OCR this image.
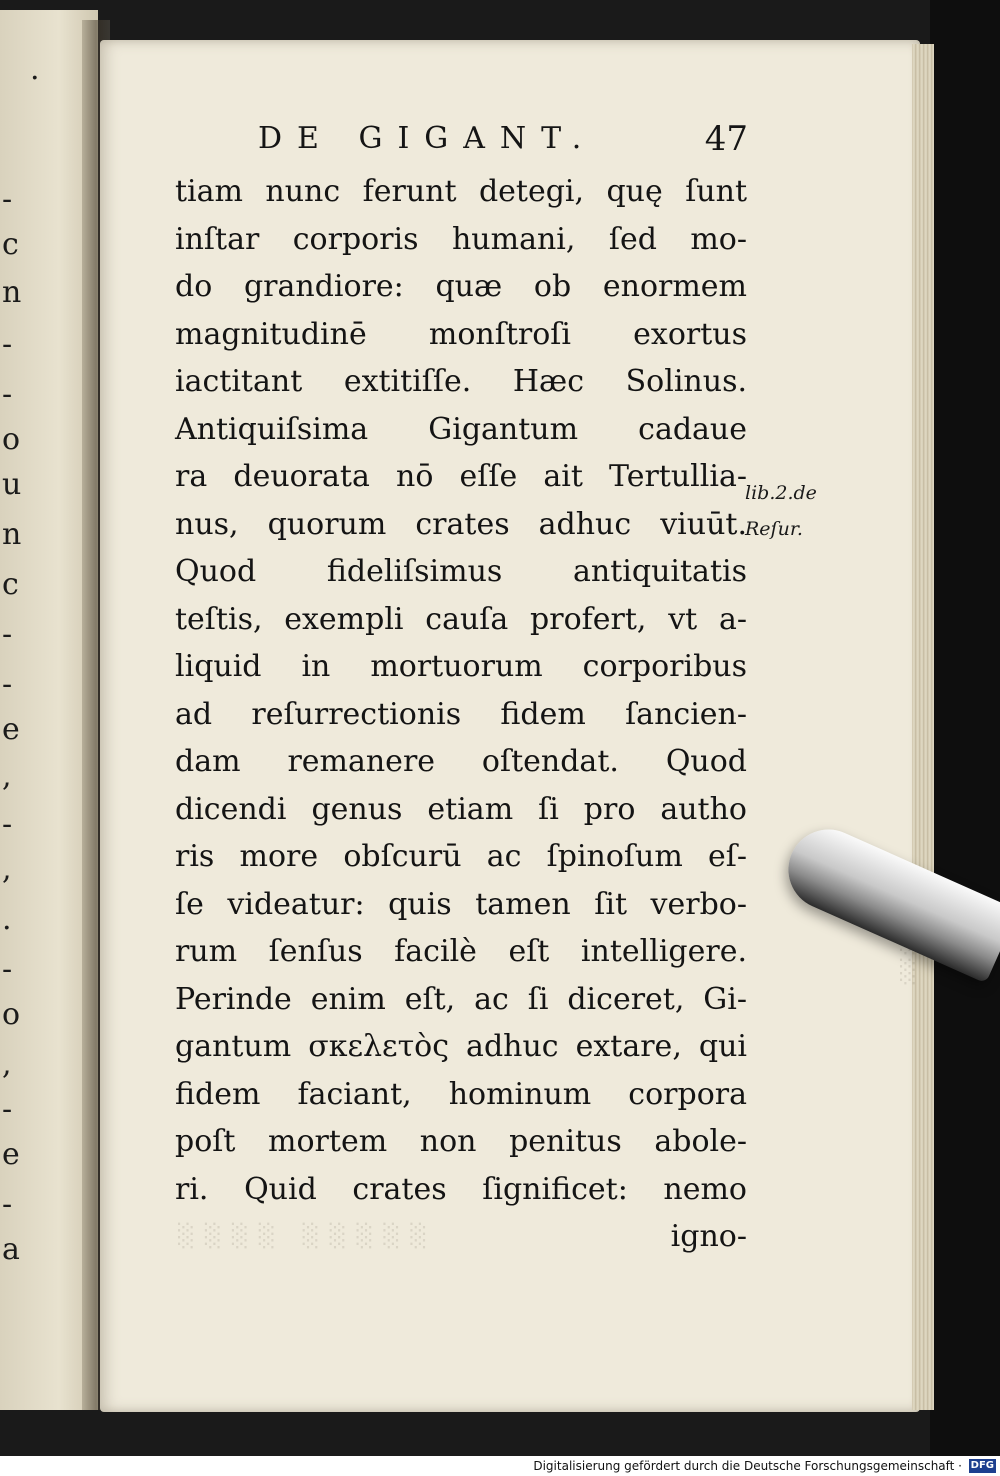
.
-
c
n
-
-
o
u
n
c
-
-
e
,
-
,
.
-
o
,
-
e
-
a

░
░░░░ ░░░░░
DE GIGANT.	47
tiam nunc ferunt detegi, quę ſunt
inſtar corporis humani, ſed mo-
do grandiore: quæ ob enormem
magnitudinē monſtroſi exortus
iactitant extitiſſe. Hæc Solinus.
Antiquiſsima Gigantum cadaue
ra deuorata nō eſſe ait Tertullia-
nus, quorum crates adhuc viuūt.
Quod fideliſsimus antiquitatis
teſtis, exempli cauſa profert, vt a-
liquid in mortuorum corporibus
ad reſurrectionis fidem ſancien-
dam remanere oſtendat. Quod
dicendi genus etiam ſi pro autho
ris more obſcurū ac ſpinoſum eſ-
ſe videatur: quis tamen ſit verbo-
rum ſenſus facilè eſt intelligere.
Perinde enim eſt, ac ſi diceret, Gi-
gantum σκελετὸς adhuc extare, qui
fidem faciant, hominum corpora
poſt mortem non penitus abole-
ri. Quid crates ſignificet: nemo
igno-
lib.2.de
Reſur.
Digitalisierung gefördert durch die Deutsche Forschungsgemeinschaft · DFG
